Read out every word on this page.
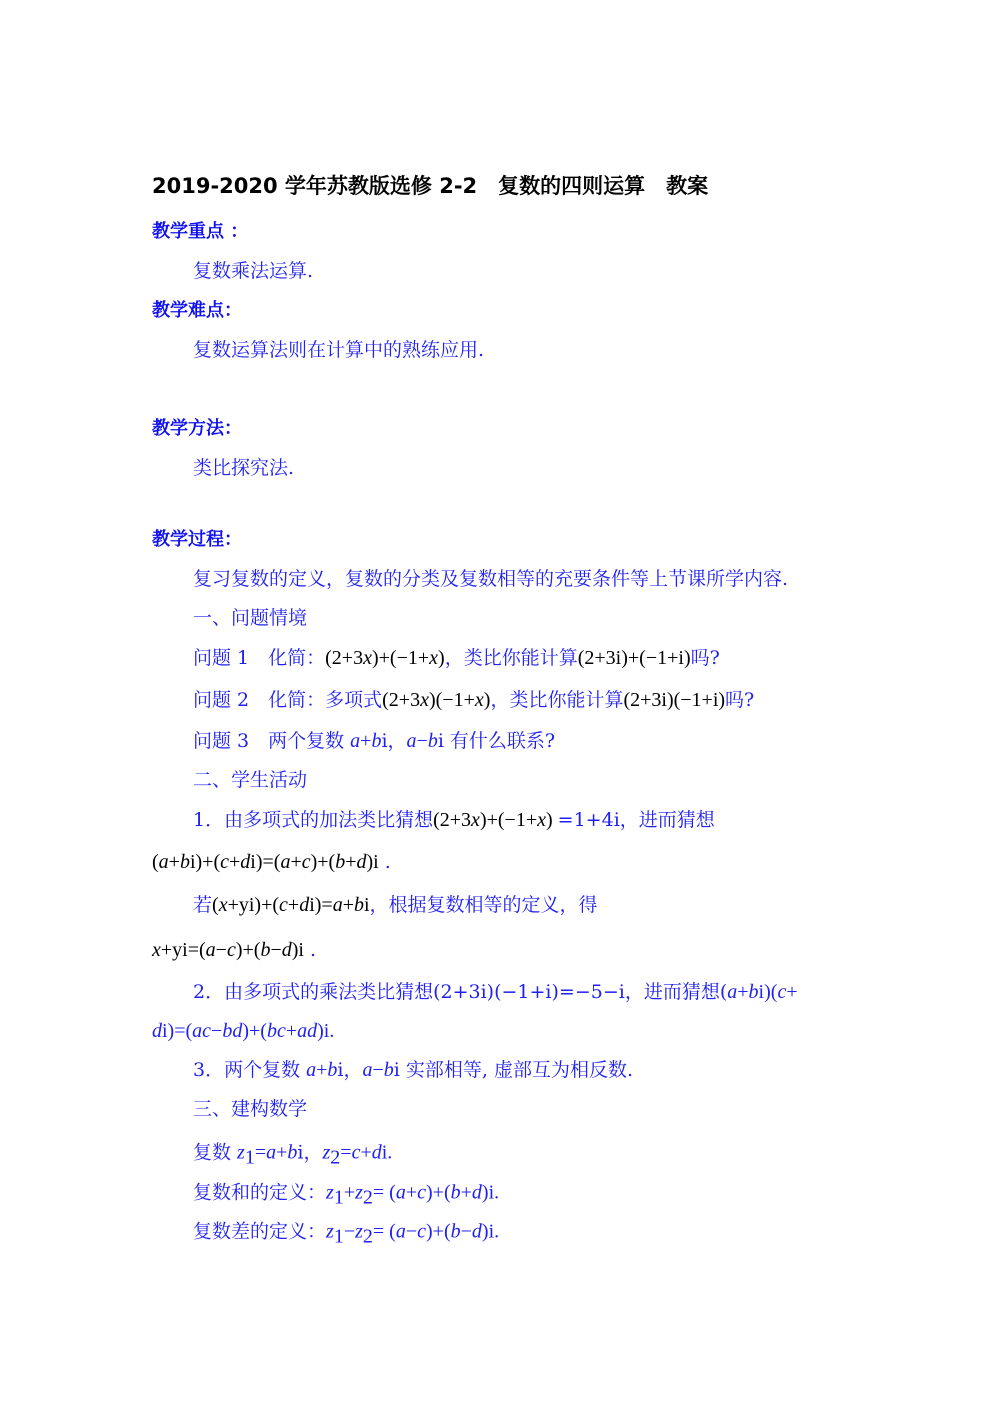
2019-2020 学年苏教版选修 2-2　复数的四则运算　教案
教学重点 ：
复数乘法运算.
教学难点：
复数运算法则在计算中的熟练应用.
教学方法：
类比探究法.
教学过程：
复习复数的定义，复数的分类及复数相等的充要条件等上节课所学内容.
一、问题情境
问题 1　化简：(2+3x)+(−1+x)，类比你能计算(2+3i)+(−1+i)吗?
问题 2　化简：多项式(2+3x)(−1+x)，类比你能计算(2+3i)(−1+i)吗?
问题 3　两个复数 a+bi，a−bi 有什么联系?
二、学生活动
1．由多项式的加法类比猜想(2+3x)+(−1+x) =1+4i，进而猜想
(a+bi)+(c+di)=(a+c)+(b+d)i .
若(x+yi)+(c+di)=a+bi，根据复数相等的定义，得
x+yi=(a−c)+(b−d)i .
2．由多项式的乘法类比猜想(2+3i)(−1+i)=−5−i，进而猜想(a+bi)(c+
di)=(ac−bd)+(bc+ad)i.
3．两个复数 a+bi，a−bi 实部相等, 虚部互为相反数.
三、建构数学
复数 $z_1=a+bi$，$z_2=c+di$.
复数和的定义：$z_1+z_2= (a+c)+(b+d)i$.
复数差的定义：$z_1-z_2= (a-c)+(b-d)i$.
